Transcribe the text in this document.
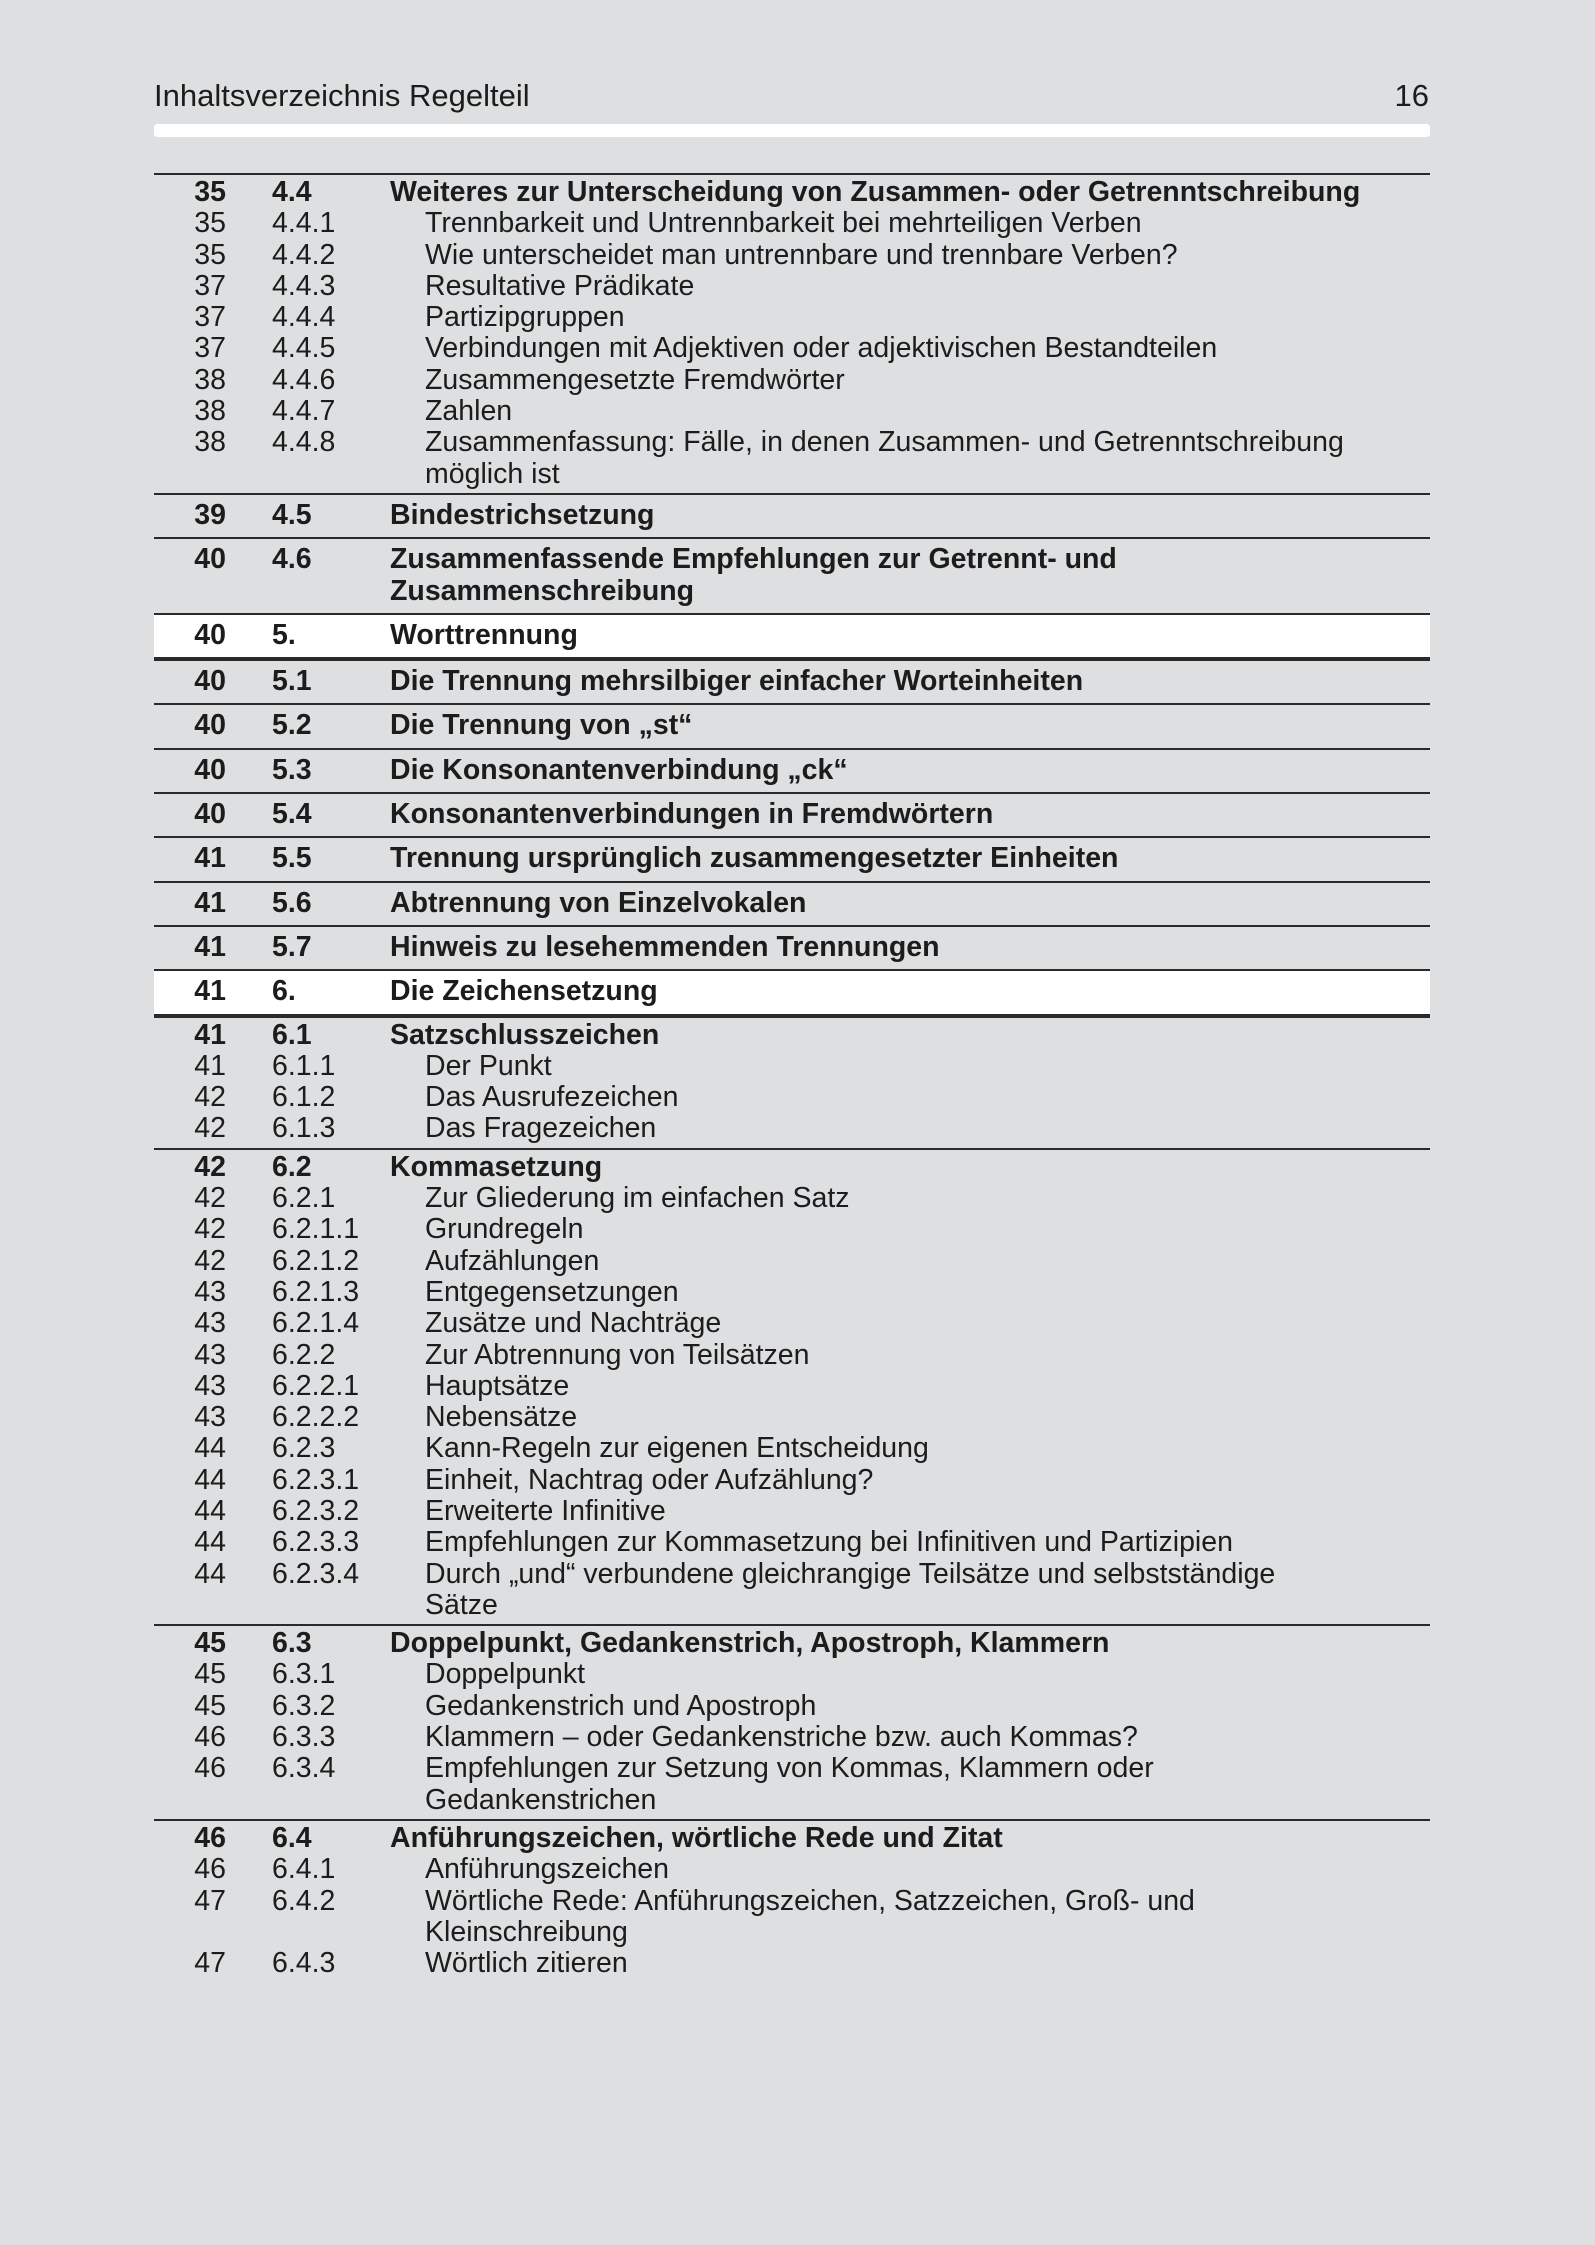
Inhaltsverzeichnis Regelteil	16
35 4.4	Weiteres zur Unterscheidung von Zusammen- oder Getrenntschreibung
35 4.4.1	Trennbarkeit und Untrennbarkeit bei mehrteiligen Verben
35 4.4.2	Wie unterscheidet man untrennbare und trennbare Verben?
37 4.4.3	Resultative Prädikate
37 4.4.4	Partizipgruppen
37 4.4.5	Verbindungen mit Adjektiven oder adjektivischen Bestandteilen
38 4.4.6	Zusammengesetzte Fremdwörter
38 4.4.7	Zahlen
38 4.4.8	Zusammenfassung: Fälle, in denen Zusammen- und Getrenntschreibung möglich ist
39 4.5	Bindestrichsetzung
40 4.6	Zusammenfassende Empfehlungen zur Getrennt- und Zusammenschreibung
40 5.	Worttrennung
40 5.1	Die Trennung mehrsilbiger einfacher Worteinheiten
40 5.2	Die Trennung von „st“
40 5.3	Die Konsonantenverbindung „ck“
40 5.4	Konsonantenverbindungen in Fremdwörtern
41 5.5	Trennung ursprünglich zusammengesetzter Einheiten
41 5.6	Abtrennung von Einzelvokalen
41 5.7	Hinweis zu lesehemmenden Trennungen
41 6.	Die Zeichensetzung
41 6.1	Satzschlusszeichen
41 6.1.1	Der Punkt
42 6.1.2	Das Ausrufezeichen
42 6.1.3	Das Fragezeichen
42 6.2	Kommasetzung
42 6.2.1	Zur Gliederung im einfachen Satz
42 6.2.1.1 Grundregeln
42 6.2.1.2 Aufzählungen
43 6.2.1.3 Entgegensetzungen
43 6.2.1.4 Zusätze und Nachträge
43 6.2.2	Zur Abtrennung von Teilsätzen
43 6.2.2.1 Hauptsätze
43 6.2.2.2 Nebensätze
44 6.2.3	Kann-Regeln zur eigenen Entscheidung
44 6.2.3.1 Einheit, Nachtrag oder Aufzählung?
44 6.2.3.2 Erweiterte Infinitive
44 6.2.3.3 Empfehlungen zur Kommasetzung bei Infinitiven und Partizipien
44 6.2.3.4 Durch „und“ verbundene gleichrangige Teilsätze und selbstständige Sätze
45 6.3	Doppelpunkt, Gedankenstrich, Apostroph, Klammern
45 6.3.1	Doppelpunkt
45 6.3.2	Gedankenstrich und Apostroph
46 6.3.3	Klammern – oder Gedankenstriche bzw. auch Kommas?
46 6.3.4	Empfehlungen zur Setzung von Kommas, Klammern oder Gedankenstrichen
46 6.4	Anführungszeichen, wörtliche Rede und Zitat
46 6.4.1	Anführungszeichen
47 6.4.2	Wörtliche Rede: Anführungszeichen, Satzzeichen, Groß- und Kleinschreibung
47 6.4.3	Wörtlich zitieren
